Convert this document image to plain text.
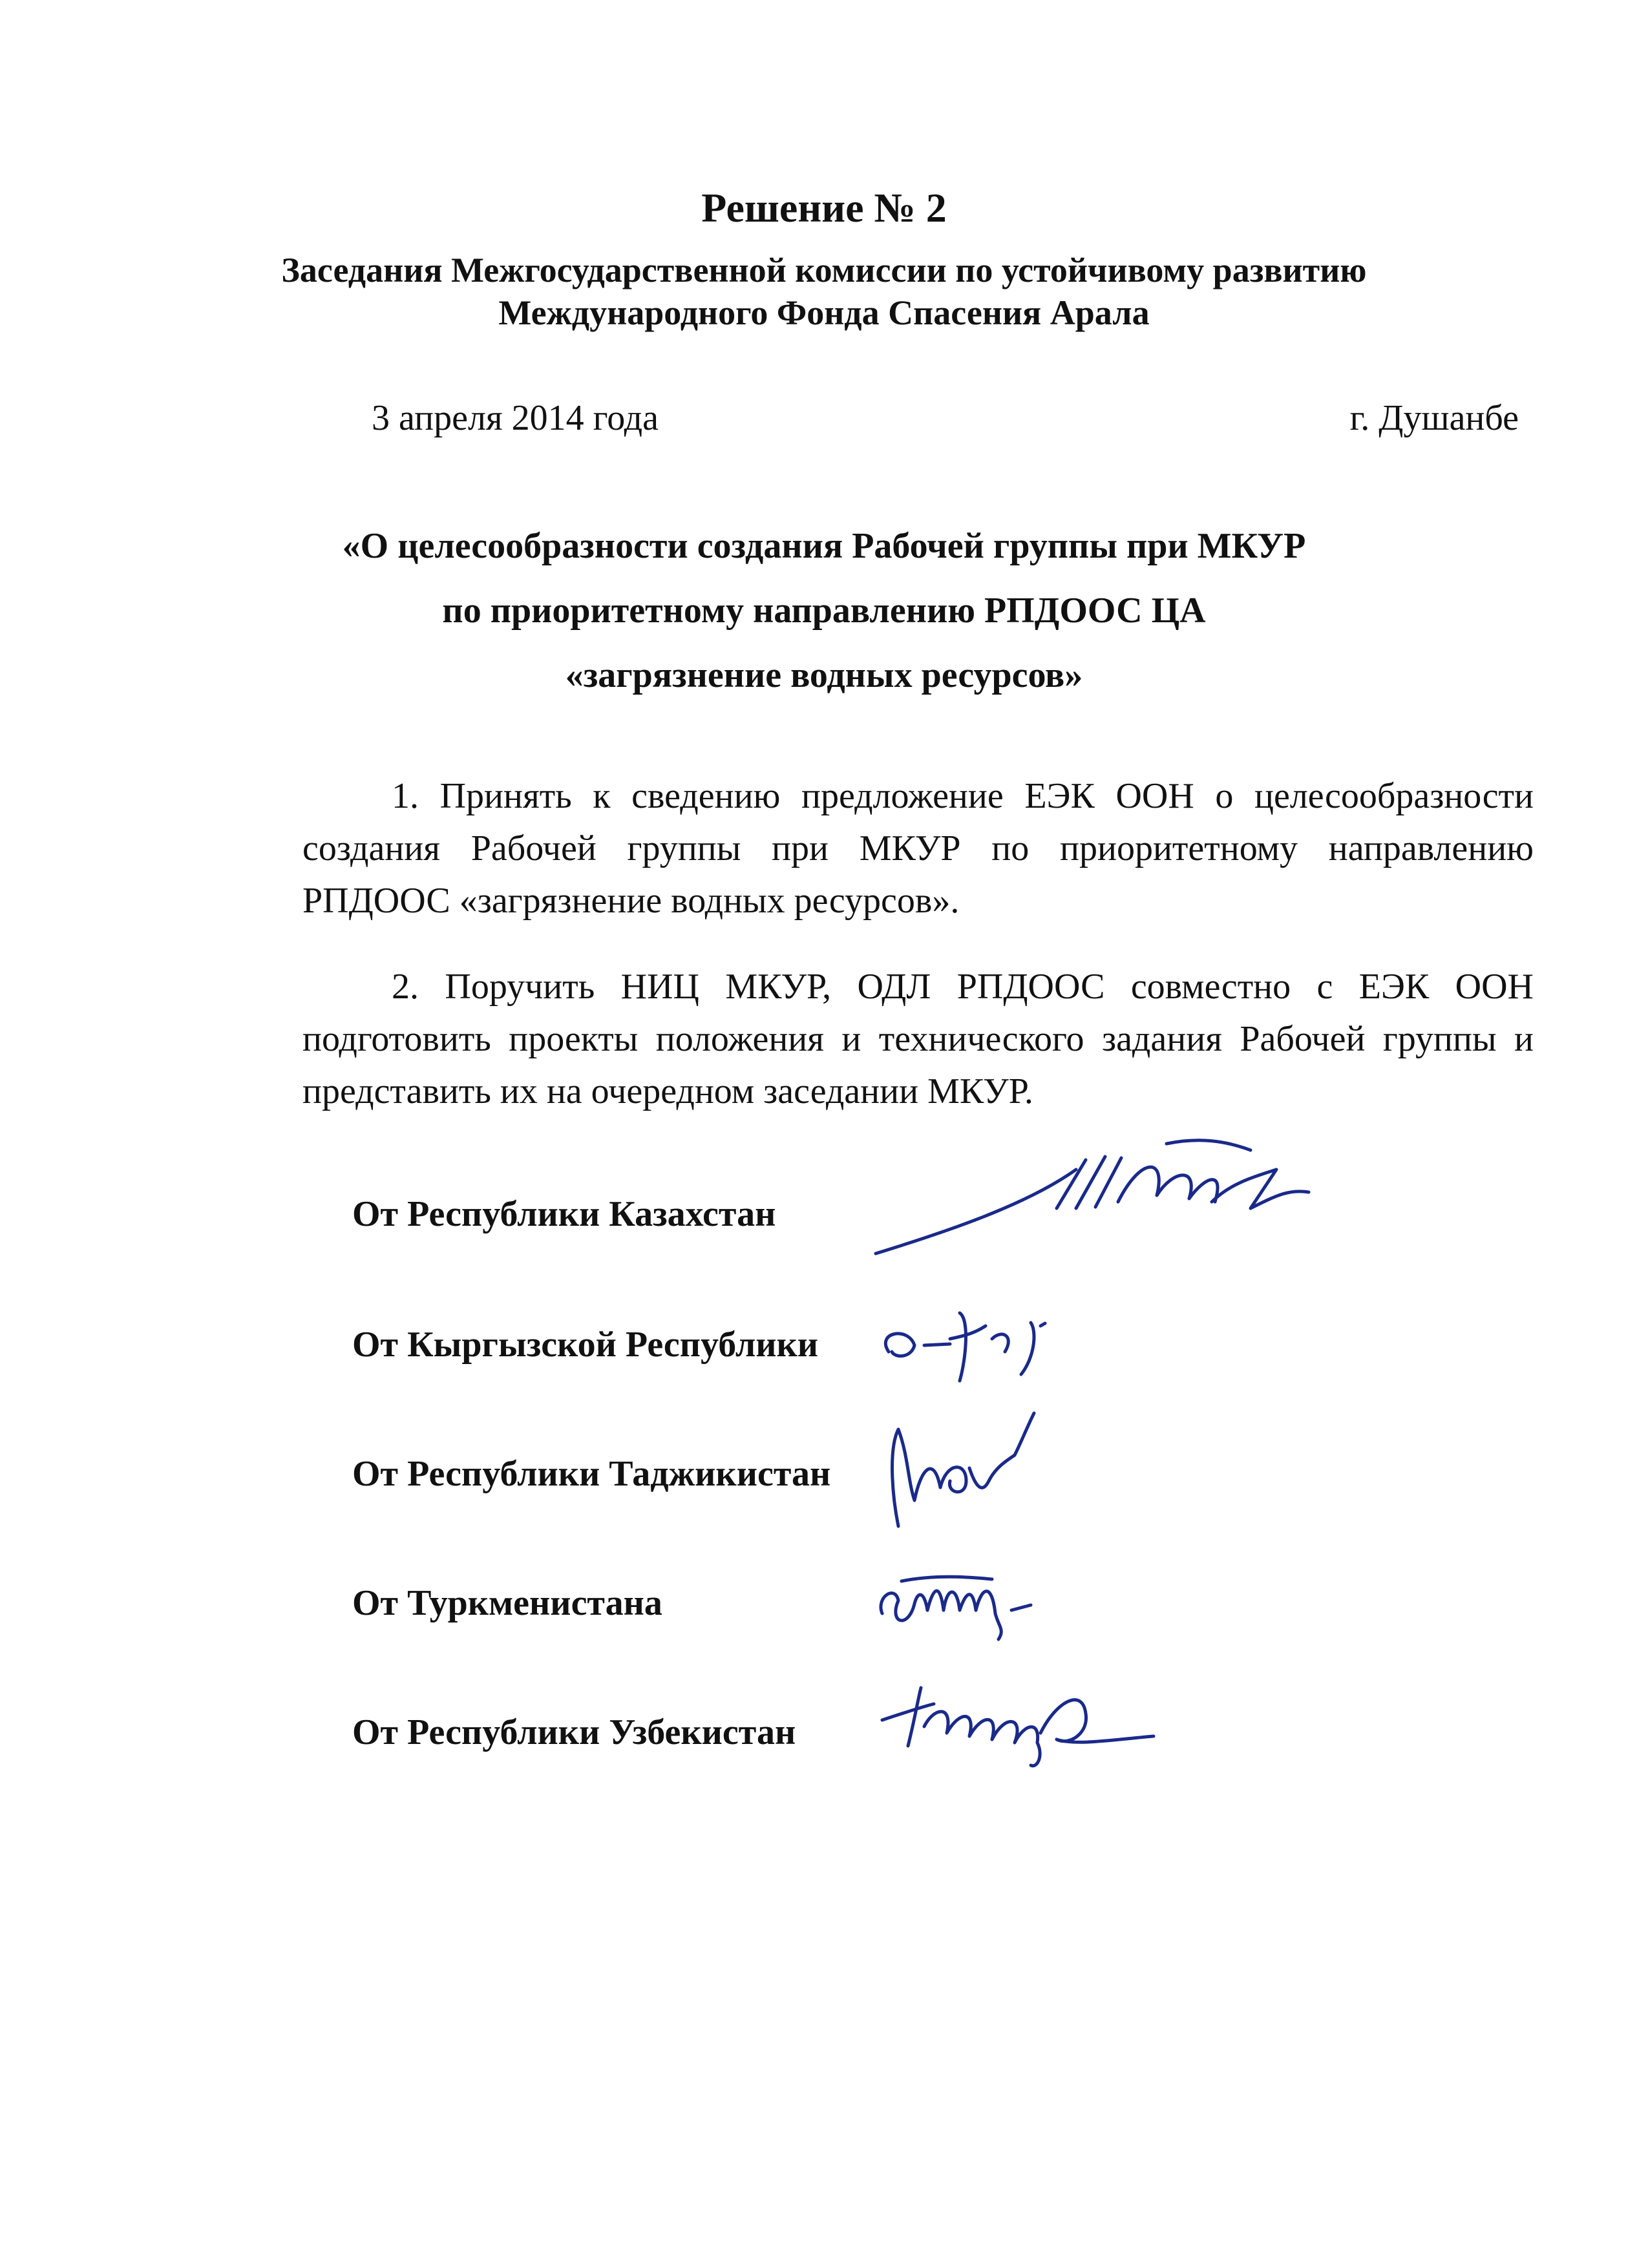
Решение № 2
Заседания Межгосударственной комиссии по устойчивому развитию
Международного Фонда Спасения Арала
3 апреля 2014 года	г. Душанбе
«О целесообразности создания Рабочей группы при МКУР
по приоритетному направлению РПДООС ЦА
«загрязнение водных ресурсов»
1. Принять к сведению предложение ЕЭК ООН о целесообразности создания Рабочей группы при МКУР по приоритетному направлению РПДООС «загрязнение водных ресурсов».
2. Поручить НИЦ МКУР, ОДЛ РПДООС совместно с ЕЭК ООН подготовить проекты положения и технического задания Рабочей группы и представить их на очередном заседании МКУР.
От Республики Казахстан
От Кыргызской Республики
От Республики Таджикистан
От Туркменистана
От Республики Узбекистан
